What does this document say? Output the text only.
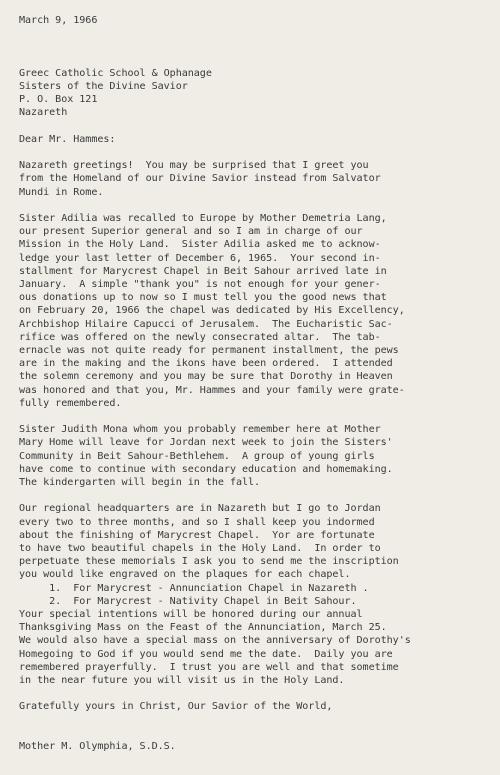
March 9, 1966

Greec Catholic School & Ophanage

Sisters of the Divine Savior

P. O. Box 121

Nazareth

Dear Mr. Hammes:

Nazareth greetings!  You may be surprised that I greet you

from the Homeland of our Divine Savior instead from Salvator

Mundi in Rome.

Sister Adilia was recalled to Europe by Mother Demetria Lang,

our present Superior general and so I am in charge of our

Mission in the Holy Land.  Sister Adilia asked me to acknow-

ledge your last letter of December 6, 1965.  Your second in-

stallment for Marycrest Chapel in Beit Sahour arrived late in

January.  A simple "thank you" is not enough for your gener-

ous donations up to now so I must tell you the good news that

on February 20, 1966 the chapel was dedicated by His Excellency,

Archbishop Hilaire Capucci of Jerusalem.  The Eucharistic Sac-

rifice was offered on the newly consecrated altar.  The tab-

ernacle was not quite ready for permanent installment, the pews

are in the making and the ikons have been ordered.  I attended

the solemn ceremony and you may be sure that Dorothy in Heaven

was honored and that you, Mr. Hammes and your family were grate-

fully remembered.

Sister Judith Mona whom you probably remember here at Mother

Mary Home will leave for Jordan next week to join the Sisters'

Community in Beit Sahour-Bethlehem.  A group of young girls

have come to continue with secondary education and homemaking.

The kindergarten will begin in the fall.

Our regional headquarters are in Nazareth but I go to Jordan

every two to three months, and so I shall keep you indormed

about the finishing of Marycrest Chapel.  Yor are fortunate

to have two beautiful chapels in the Holy Land.  In order to

perpetuate these memorials I ask you to send me the inscription

you would like engraved on the plaques for each chapel.

1.  For Marycrest - Annunciation Chapel in Nazareth .

2.  For Marycrest - Nativity Chapel in Beit Sahour.

Your special intentions will be honored during our annual

Thanksgiving Mass on the Feast of the Annunciation, March 25.

We would also have a special mass on the anniversary of Dorothy's

Homegoing to God if you would send me the date.  Daily you are

remembered prayerfully.  I trust you are well and that sometime

in the near future you will visit us in the Holy Land.

Gratefully yours in Christ, Our Savior of the World,

Mother M. Olymphia, S.D.S.
